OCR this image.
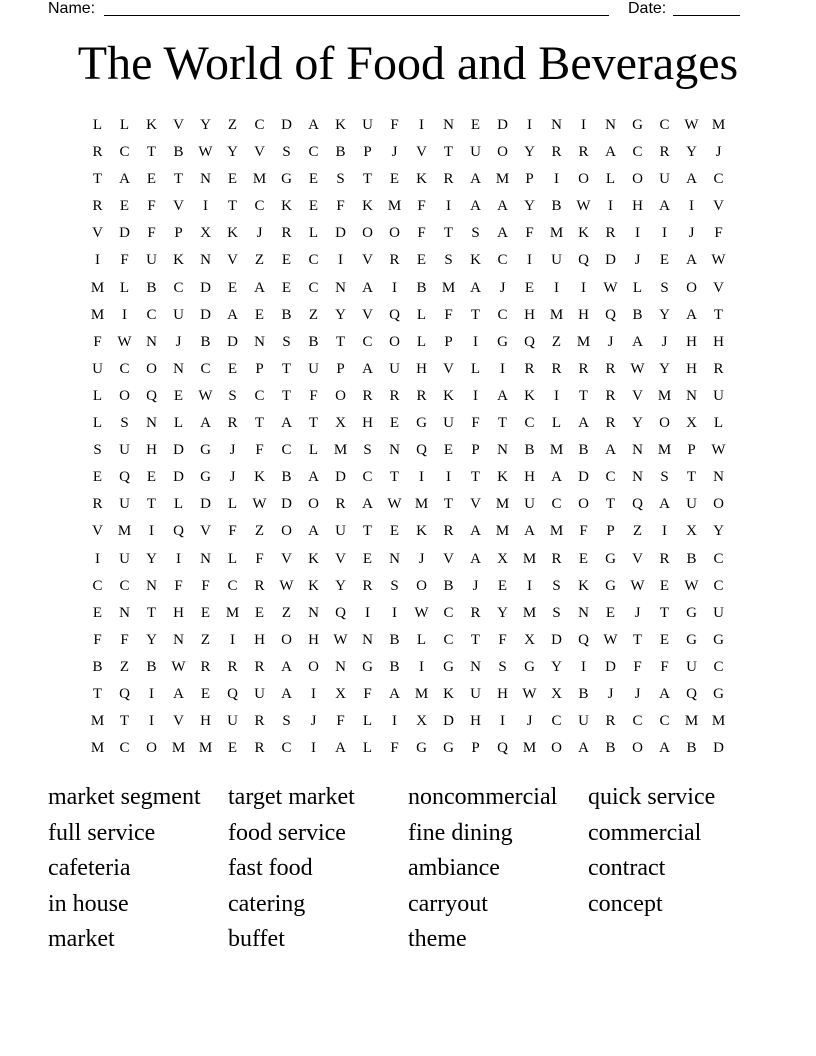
Name:	Date:
The World of Food and Beverages
L	L	K	V	Y	Z	C	D	A	K	U	F	I	N	E	D	I	N	I	N	G	C W M
R	C	T	B W Y	V	S	C	B	P	J	V	T	U	O	Y	R	R	A	C	R	Y	J
T	A	E	T	N	E	M G	E	S	T	E	K	R	A M	P	I	O	L	O	U	A	C
R	E	F	V	I	T	C	K	E	F	K M	F	I	A	A	Y	B W	I	H	A	I	V
V	D	F	P	X	K	J	R	L	D	O	O	F	T	S	A	F	M K	R	I	I	J	F
I	F	U	K	N	V	Z	E	C	I	V	R	E	S	K	C	I	U	Q	D	J	E	A W
M	L	B	C	D	E	A	E	C	N	A	I	B	M A	J	E	I	I	W	L	S	O	V
M	I	C	U	D	A	E	B	Z	Y	V	Q	L	F	T	C	H M H	Q	B	Y	A	T
F	W N	J	B	D	N	S	B	T	C	O	L	P	I	G	Q	Z	M	J	A	J	H	H
U	C	O	N	C	E	P	T	U	P	A	U	H	V	L	I	R	R	R	R W Y	H	R
L	O	Q	E	W	S	C	T	F	O	R	R	R	K	I	A	K	I	T	R	V M N	U
L	S	N	L	A	R	T	A	T	X	H	E	G	U	F	T	C	L	A	R	Y	O	X	L
S	U	H	D	G	J	F	C	L	M	S	N	Q	E	P	N	B	M	B	A	N M	P	W
E	Q	E	D	G	J	K	B	A	D	C	T	I	I	T	K	H	A	D	C	N	S	T	N
R	U	T	L	D	L	W D	O	R	A W M	T	V M U	C	O	T	Q	A	U	O
V M	I	Q	V	F	Z	O	A	U	T	E	K	R	A M A M	F	P	Z	I	X	Y
I	U	Y	I	N	L	F	V	K	V	E	N	J	V	A	X M	R	E	G	V	R	B	C
C	C	N	F	F	C	R W K	Y	R	S	O	B	J	E	I	S	K	G W	E	W C
E	N	T	H	E	M	E	Z	N	Q	I	I	W C	R	Y M	S	N	E	J	T	G	U
F	F	Y	N	Z	I	H	O	H W N	B	L	C	T	F	X	D	Q W	T	E	G	G
B	Z	B W R	R	R	A	O	N	G	B	I	G	N	S	G	Y	I	D	F	F	U	C
T	Q	I	A	E	Q	U	A	I	X	F	A M K	U	H W X	B	J	J	A	Q	G
M	T	I	V	H	U	R	S	J	F	L	I	X	D	H	I	J	C	U	R	C	C	M M
M	C	O M M	E	R	C	I	A	L	F	G	G	P	Q M O	A	B	O	A	B	D
market segment	target market	noncommercial	quick service
full service	food service	fine dining	commercial
cafeteria	fast food	ambiance	contract
in house	catering	carryout	concept
market	buffet	theme
